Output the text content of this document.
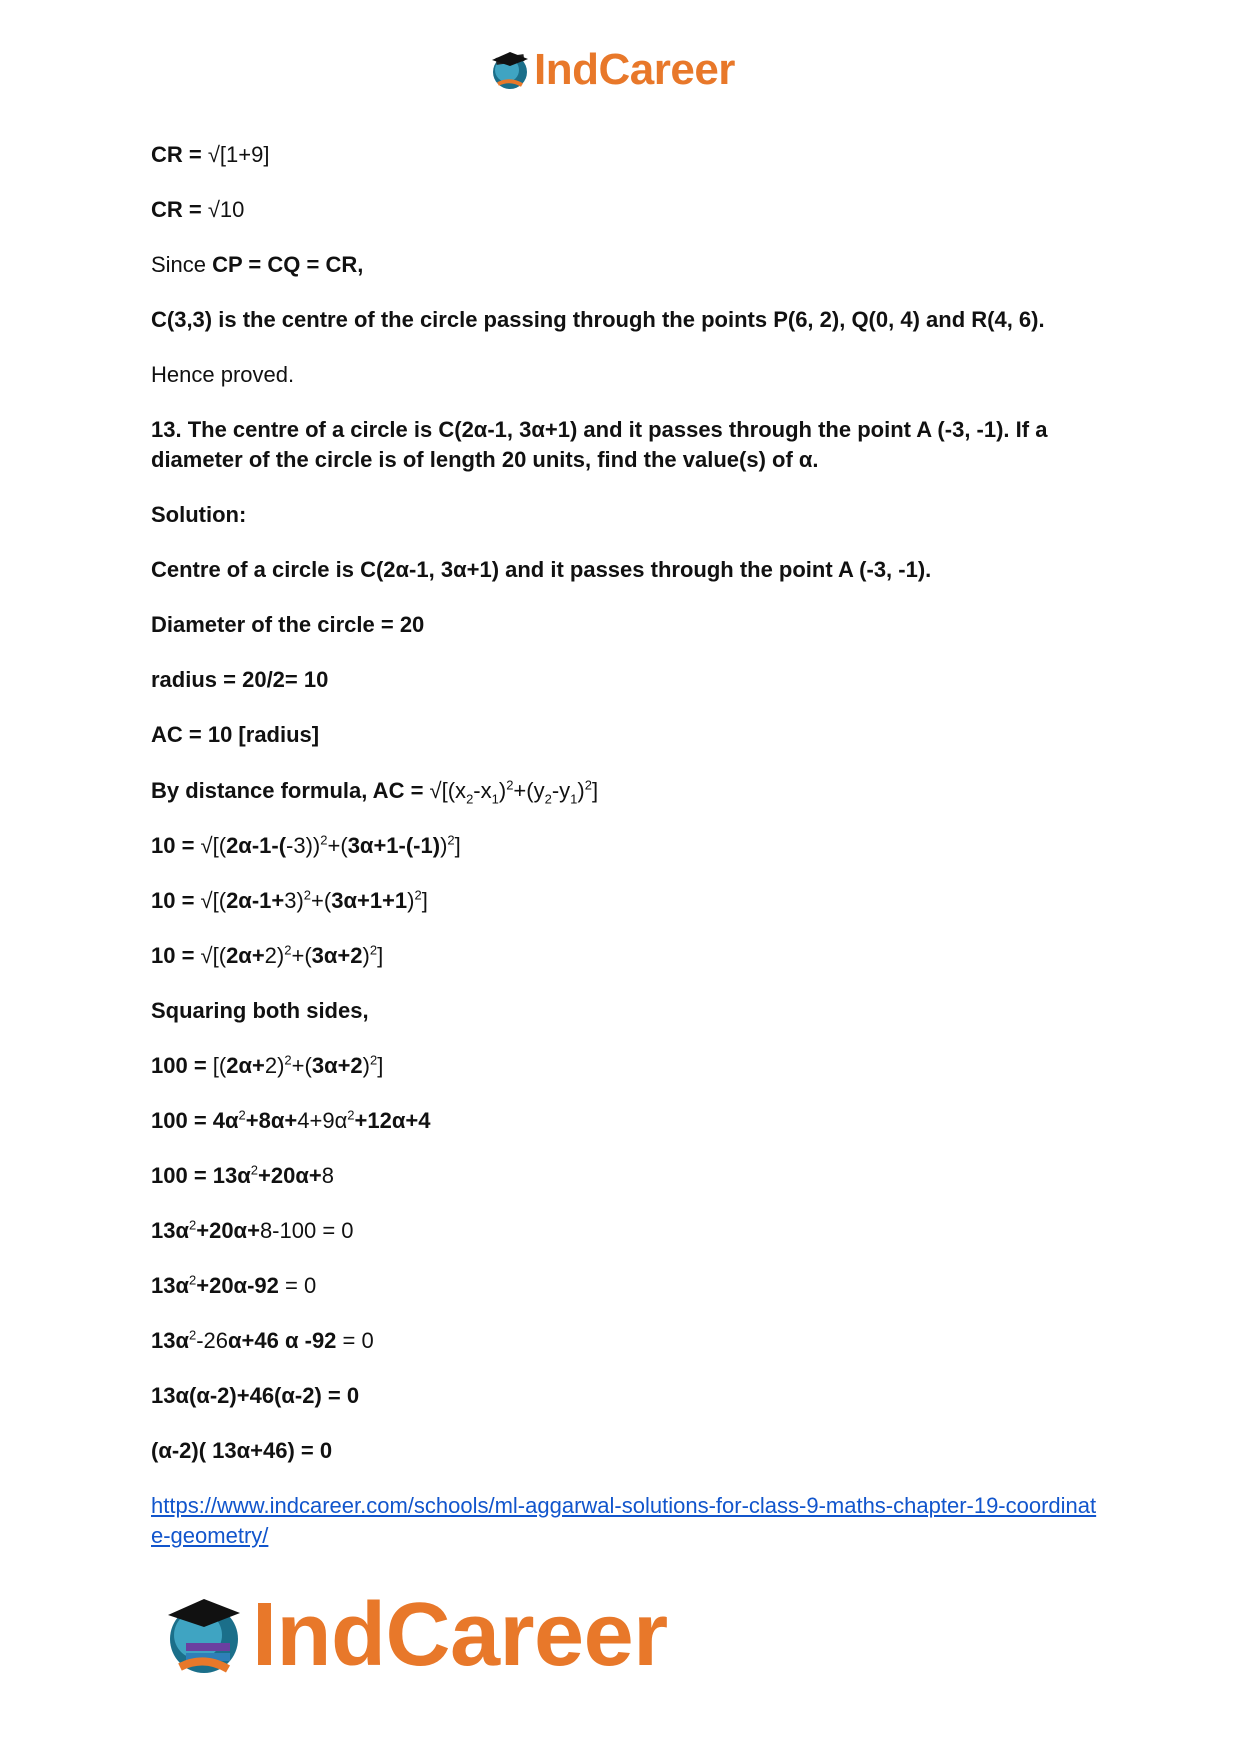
IndCareer
CR = √[1+9]
CR = √10
Since CP = CQ = CR,
C(3,3) is the centre of the circle passing through the points P(6, 2), Q(0, 4) and R(4, 6).
Hence proved.
13. The centre of a circle is C(2α-1, 3α+1) and it passes through the point A (-3, -1). If a diameter of the circle is of length 20 units, find the value(s) of α.
Solution:
Centre of a circle is C(2α-1, 3α+1) and it passes through the point A (-3, -1).
Diameter of the circle = 20
radius = 20/2= 10
AC = 10 [radius]
By distance formula, AC = $√[(x_2-x_1)^2+(y_2-y_1)^2]$
$10 = √[(2\alpha-1-(-3))^2+(3\alpha+1-(-1))^2]$
$10 = √[(2\alpha-1+3)^2+(3\alpha+1+1)^2]$
$10 = √[(2\alpha+2)^2+(3\alpha+2)^2]$
Squaring both sides,
$100 = [(2\alpha+2)^2+(3\alpha+2)^2]$
$100 = 4\alpha^2+8\alpha+4+9\alpha^2+12\alpha+4$
$100 = 13\alpha^2+20\alpha+8$
$13\alpha^2+20\alpha+8-100 = 0$
$13\alpha^2+20\alpha-92 = 0$
$13\alpha^2-26\alpha+46$ α -92 = 0
13α(α-2)+46(α-2) = 0
(α-2)( 13α+46) = 0
https://www.indcareer.com/schools/ml-aggarwal-solutions-for-class-9-maths-chapter-19-coordinate-geometry/
IndCareer
